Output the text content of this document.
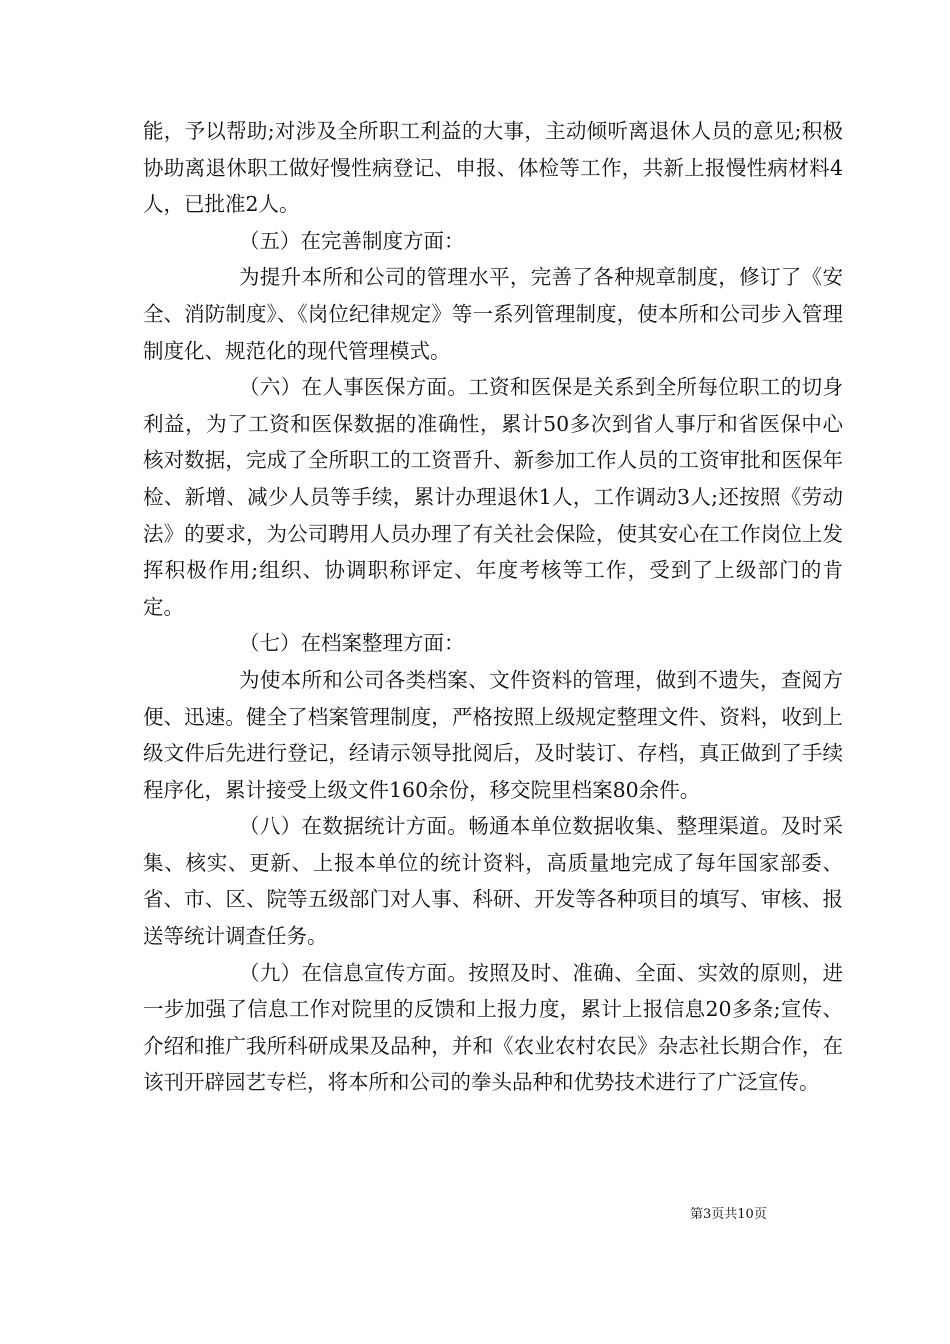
能，予以帮助;对涉及全所职工利益的大事，主动倾听离退休人员的意见;积极协助离退休职工做好慢性病登记、申报、体检等工作，共新上报慢性病材料4人，已批准2人。

（五）在完善制度方面：

为提升本所和公司的管理水平，完善了各种规章制度，修订了《安全、消防制度》、《岗位纪律规定》等一系列管理制度，使本所和公司步入管理制度化、规范化的现代管理模式。

（六）在人事医保方面。工资和医保是关系到全所每位职工的切身利益，为了工资和医保数据的准确性，累计50多次到省人事厅和省医保中心核对数据，完成了全所职工的工资晋升、新参加工作人员的工资审批和医保年检、新增、减少人员等手续，累计办理退休1人，工作调动3人;还按照《劳动法》的要求，为公司聘用人员办理了有关社会保险，使其安心在工作岗位上发挥积极作用;组织、协调职称评定、年度考核等工作，受到了上级部门的肯定。

（七）在档案整理方面：

为使本所和公司各类档案、文件资料的管理，做到不遗失，查阅方便、迅速。健全了档案管理制度，严格按照上级规定整理文件、资料，收到上级文件后先进行登记，经请示领导批阅后，及时装订、存档，真正做到了手续程序化，累计接受上级文件160余份，移交院里档案80余件。

（八）在数据统计方面。畅通本单位数据收集、整理渠道。及时采集、核实、更新、上报本单位的统计资料，高质量地完成了每年国家部委、省、市、区、院等五级部门对人事、科研、开发等各种项目的填写、审核、报送等统计调查任务。

（九）在信息宣传方面。按照及时、准确、全面、实效的原则，进一步加强了信息工作对院里的反馈和上报力度，累计上报信息20多条;宣传、介绍和推广我所科研成果及品种，并和《农业农村农民》杂志社长期合作，在该刊开辟园艺专栏，将本所和公司的拳头品种和优势技术进行了广泛宣传。

第3页共10页
